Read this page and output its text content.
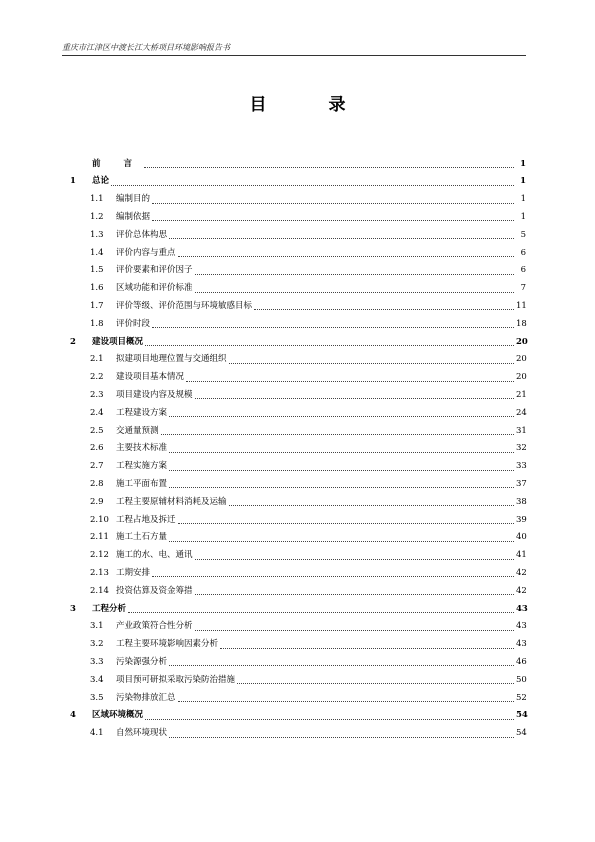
重庆市江津区中渡长江大桥项目环境影响报告书
目 录
前 言	1
1	总论	1
1.1	编制目的	1
1.2	编制依据	1
1.3	评价总体构思	5
1.4	评价内容与重点	6
1.5	评价要素和评价因子	6
1.6	区域功能和评价标准	7
1.7	评价等级、评价范围与环境敏感目标	11
1.8	评价时段	18
2	建设项目概况	20
2.1	拟建项目地理位置与交通组织	20
2.2	建设项目基本情况	20
2.3	项目建设内容及规模	21
2.4	工程建设方案	24
2.5	交通量预测	31
2.6	主要技术标准	32
2.7	工程实施方案	33
2.8	施工平面布置	37
2.9	工程主要原辅材料消耗及运输	38
2.10 工程占地及拆迁	39
2.11 施工土石方量	40
2.12 施工的水、电、通讯	41
2.13 工期安排	42
2.14 投资估算及资金筹措	42
3	工程分析	43
3.1	产业政策符合性分析	43
3.2	工程主要环境影响因素分析	43
3.3	污染源强分析	46
3.4	项目预可研拟采取污染防治措施	50
3.5	污染物排放汇总	52
4	区域环境概况	54
4.1	自然环境现状	54
